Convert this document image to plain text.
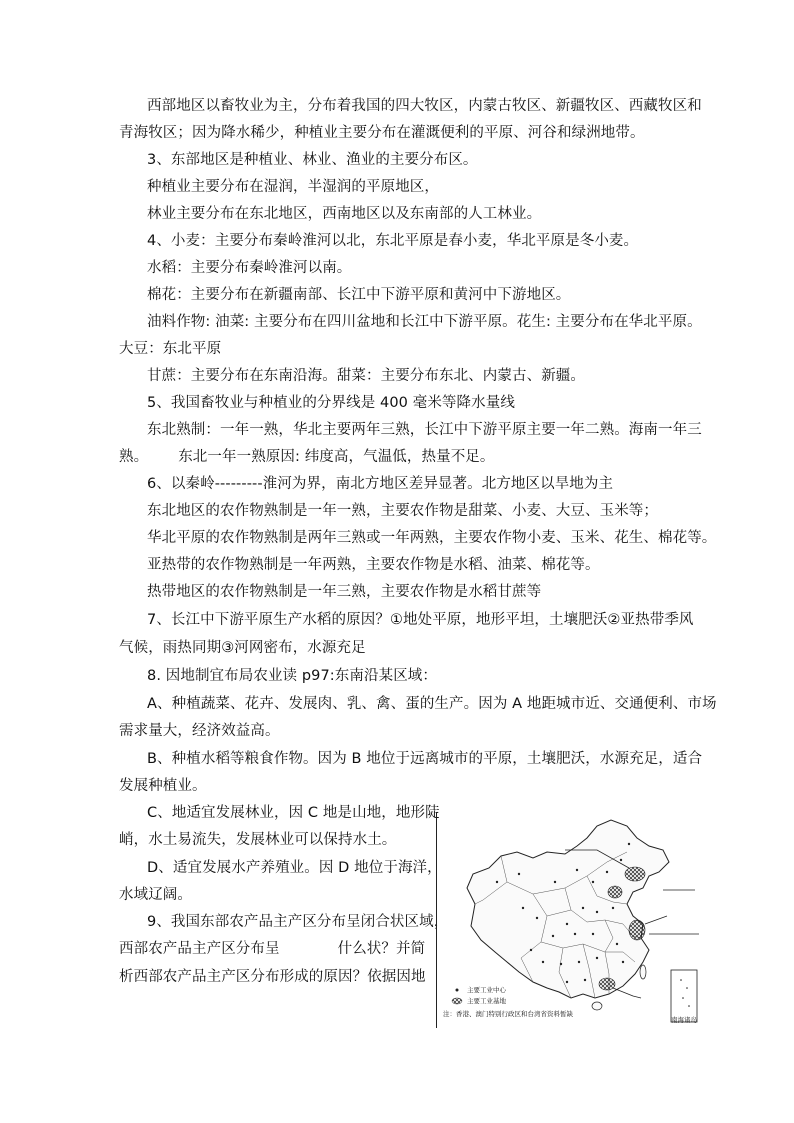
西部地区以畜牧业为主，分布着我国的四大牧区，内蒙古牧区、新疆牧区、西藏牧区和
青海牧区；因为降水稀少，种植业主要分布在灌溉便利的平原、河谷和绿洲地带。
3、东部地区是种植业、林业、渔业的主要分布区。
种植业主要分布在湿润，半湿润的平原地区，
林业主要分布在东北地区，西南地区以及东南部的人工林业。
4、小麦：主要分布秦岭淮河以北，东北平原是春小麦，华北平原是冬小麦。
水稻：主要分布秦岭淮河以南。
棉花：主要分布在新疆南部、长江中下游平原和黄河中下游地区。
油料作物: 油菜: 主要分布在四川盆地和长江中下游平原。花生: 主要分布在华北平原。
大豆：东北平原
甘蔗：主要分布在东南沿海。甜菜：主要分布东北、内蒙古、新疆。
5、我国畜牧业与种植业的分界线是 400 毫米等降水量线
东北熟制：一年一熟，华北主要两年三熟，长江中下游平原主要一年二熟。海南一年三
熟。 东北一年一熟原因: 纬度高，气温低，热量不足。
6、以秦岭---------淮河为界，南北方地区差异显著。北方地区以旱地为主
东北地区的农作物熟制是一年一熟，主要农作物是甜菜、小麦、大豆、玉米等；
华北平原的农作物熟制是两年三熟或一年两熟，主要农作物小麦、玉米、花生、棉花等。
亚热带的农作物熟制是一年两熟，主要农作物是水稻、油菜、棉花等。
热带地区的农作物熟制是一年三熟，主要农作物是水稻甘蔗等
7、长江中下游平原生产水稻的原因？①地处平原，地形平坦，土壤肥沃②亚热带季风
气候，雨热同期③河网密布，水源充足
8. 因地制宜布局农业读 p97:东南沿某区域：
A、种植蔬菜、花卉、发展肉、乳、禽、蛋的生产。因为 A 地距城市近、交通便利、市场
需求量大，经济效益高。
B、种植水稻等粮食作物。因为 B 地位于远离城市的平原，土壤肥沃，水源充足，适合
发展种植业。
C、地适宜发展林业，因 C 地是山地，地形陡
峭，水土易流失，发展林业可以保持水土。
D、适宜发展水产养殖业。因 D 地位于海洋，
水域辽阔。
9、我国东部农产品主产区分布呈闭合状区域，
西部农产品主产区分布呈	什么状？并简
析西部农产品主产区分布形成的原因？依据因地
主要工业中心
主要工业基地
注：香港、澳门特别行政区和台湾省资料暂缺
南海诸岛
